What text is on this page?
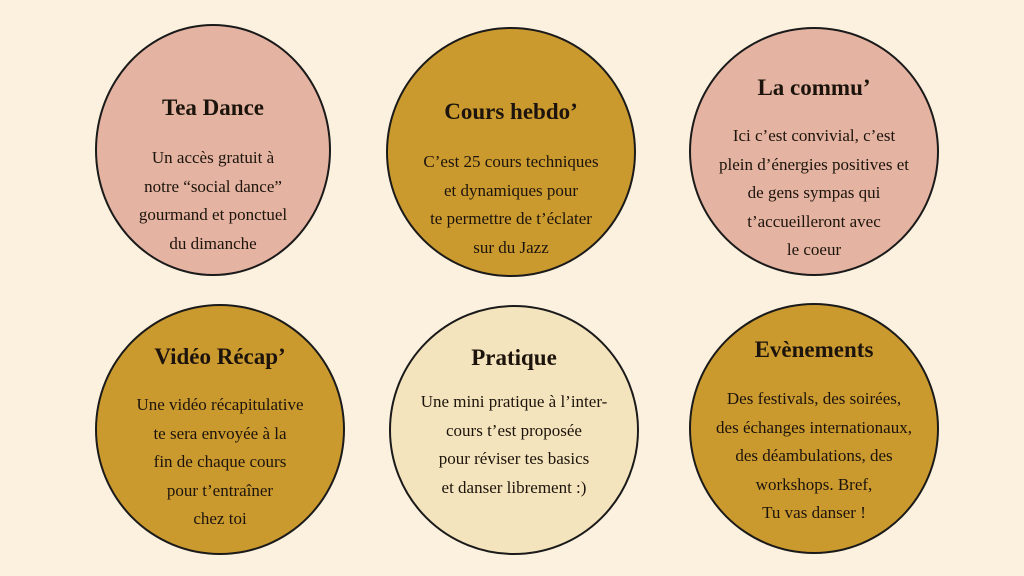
Tea Dance
Un accès gratuit à
notre “social dance”
gourmand et ponctuel
du dimanche
Cours hebdo’
C’est 25 cours techniques
et dynamiques pour
te permettre de t’éclater
sur du Jazz
La commu’
Ici c’est convivial, c’est
plein d’énergies positives et
de gens sympas qui
t’accueilleront avec
le coeur
Vidéo Récap’
Une vidéo récapitulative
te sera envoyée à la
fin de chaque cours
pour t’entraîner
chez toi
Pratique
Une mini pratique à l’inter-
cours t’est proposée
pour réviser tes basics
et danser librement :)
Evènements
Des festivals, des soirées,
des échanges internationaux,
des déambulations, des
workshops. Bref,
Tu vas danser !
